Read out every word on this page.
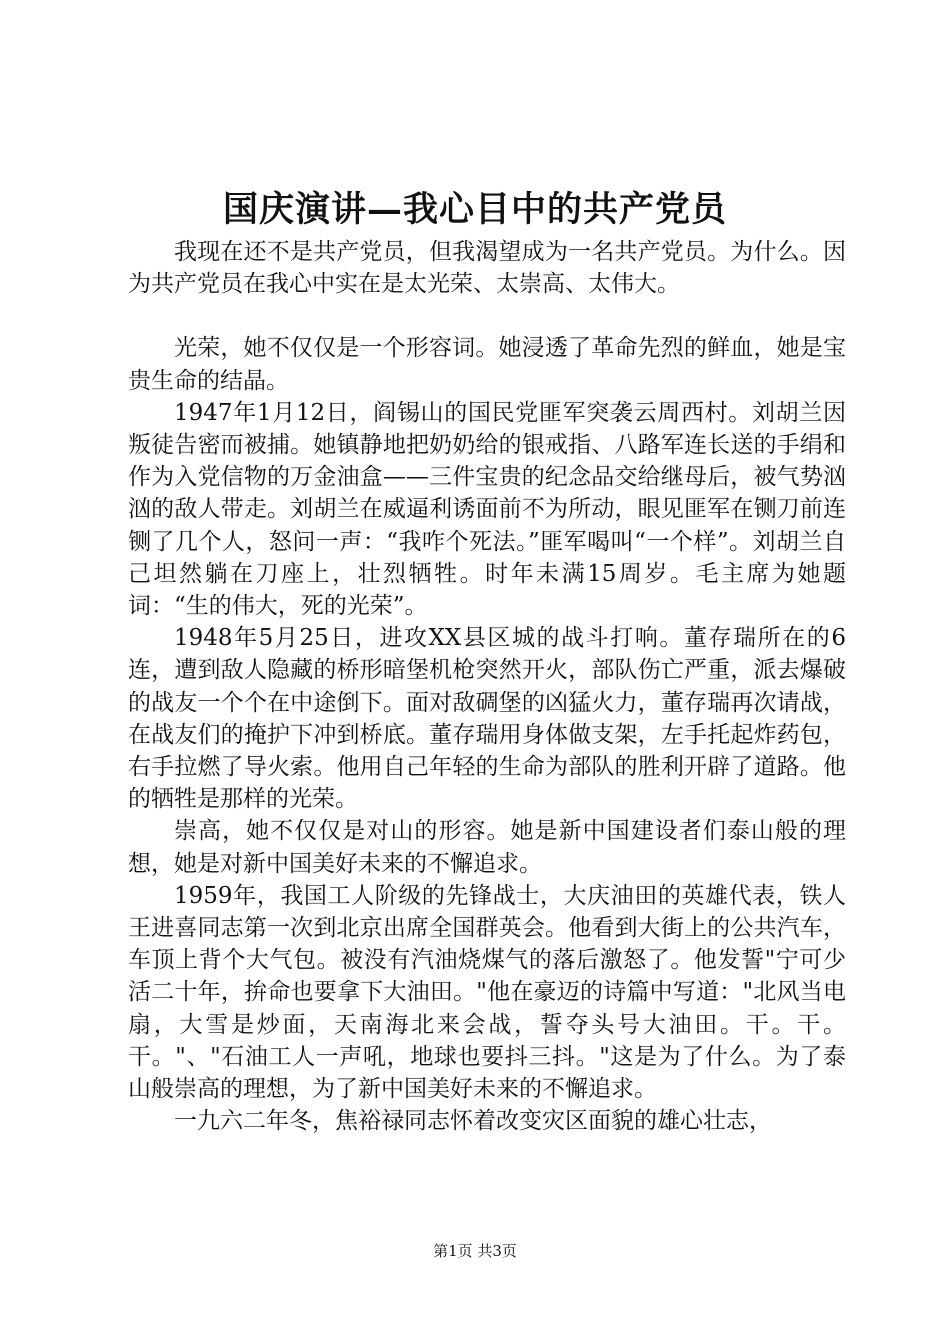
国庆演讲—我心目中的共产党员

我现在还不是共产党员，但我渴望成为一名共产党员。为什么。因为共产党员在我心中实在是太光荣、太崇高、太伟大。

光荣，她不仅仅是一个形容词。她浸透了革命先烈的鲜血，她是宝贵生命的结晶。

1947年1月12日，阎锡山的国民党匪军突袭云周西村。刘胡兰因叛徒告密而被捕。她镇静地把奶奶给的银戒指、八路军连长送的手绢和作为入党信物的万金油盒——三件宝贵的纪念品交给继母后，被气势汹汹的敌人带走。刘胡兰在威逼利诱面前不为所动，眼见匪军在铡刀前连铡了几个人，怒问一声：“我咋个死法。”匪军喝叫“一个样”。刘胡兰自己坦然躺在刀座上，壮烈牺牲。时年未满15周岁。毛主席为她题词：“生的伟大，死的光荣”。

1948年5月25日，进攻XX县区城的战斗打响。董存瑞所在的6连，遭到敌人隐藏的桥形暗堡机枪突然开火，部队伤亡严重，派去爆破的战友一个个在中途倒下。面对敌碉堡的凶猛火力，董存瑞再次请战，在战友们的掩护下冲到桥底。董存瑞用身体做支架，左手托起炸药包，右手拉燃了导火索。他用自己年轻的生命为部队的胜利开辟了道路。他的牺牲是那样的光荣。

崇高，她不仅仅是对山的形容。她是新中国建设者们泰山般的理想，她是对新中国美好未来的不懈追求。

1959年，我国工人阶级的先锋战士，大庆油田的英雄代表，铁人王进喜同志第一次到北京出席全国群英会。他看到大街上的公共汽车，车顶上背个大气包。被没有汽油烧煤气的落后激怒了。他发誓"宁可少活二十年，拚命也要拿下大油田。"他在豪迈的诗篇中写道："北风当电扇，大雪是炒面，天南海北来会战，誓夺头号大油田。干。干。干。"、"石油工人一声吼，地球也要抖三抖。"这是为了什么。为了泰山般崇高的理想，为了新中国美好未来的不懈追求。

一九六二年冬，焦裕禄同志怀着改变灾区面貌的雄心壮志，

第1页 共3页
